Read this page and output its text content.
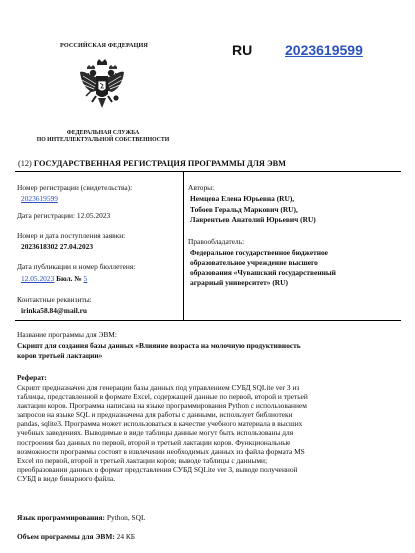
РОССИЙСКАЯ ФЕДЕРАЦИЯ
ФЕДЕРАЛЬНАЯ СЛУЖБА
ПО ИНТЕЛЛЕКТУАЛЬНОЙ СОБСТВЕННОСТИ
RU 2023619599
(12) ГОСУДАРСТВЕННАЯ РЕГИСТРАЦИЯ ПРОГРАММЫ ДЛЯ ЭВМ
Номер регистрации (свидетельства):
2023619599
Дата регистрации: 12.05.2023
Номер и дата поступления заявки:
2023618302 27.04.2023
Дата публикации и номер бюллетеня:
12.05.2023 Бюл. № 5
Контактные реквизиты:
irinka58.84@mail.ru
Авторы:
Немцева Елена Юрьевна (RU),
Тобоев Геральд Маркович (RU),
Лаврентьев Анатолий Юрьевич (RU)
Правообладатель:
Федеральное государственное бюджетное
образовательное учреждение высшего
образования «Чувашский государственный
аграрный университет» (RU)
Название программы для ЭВМ:
Скрипт для создания базы данных «Влияние возраста на молочную продуктивность
коров третьей лактации»
Реферат:
Скрипт предназначен для генерации базы данных под управлением СУБД SQLite ver 3 из
таблицы, представленной в формате Excel, содержащей данные по первой, второй и третьей
лактации коров. Программа написана на языке программирования Python с использованием
запросов на языке SQL и предназначена для работы с данными, использует библиотеки
pandas, sqlite3. Программа может использоваться в качестве учебного материала в высших
учебных заведениях. Выводимые в виде таблицы данные могут быть использованы для
построения баз данных по первой, второй и третьей лактации коров. Функциональные
возможности программы состоят в извлечении необходимых данных из файла формата MS
Excel по первой, второй и третьей лактации коров; выводе таблицы с данными;
преобразовании данных в формат представления СУБД SQLite ver 3, выводе полученной
СУБД в виде бинарного файла.
Язык программирования: Python, SQL
Объем программы для ЭВМ: 24 КБ
